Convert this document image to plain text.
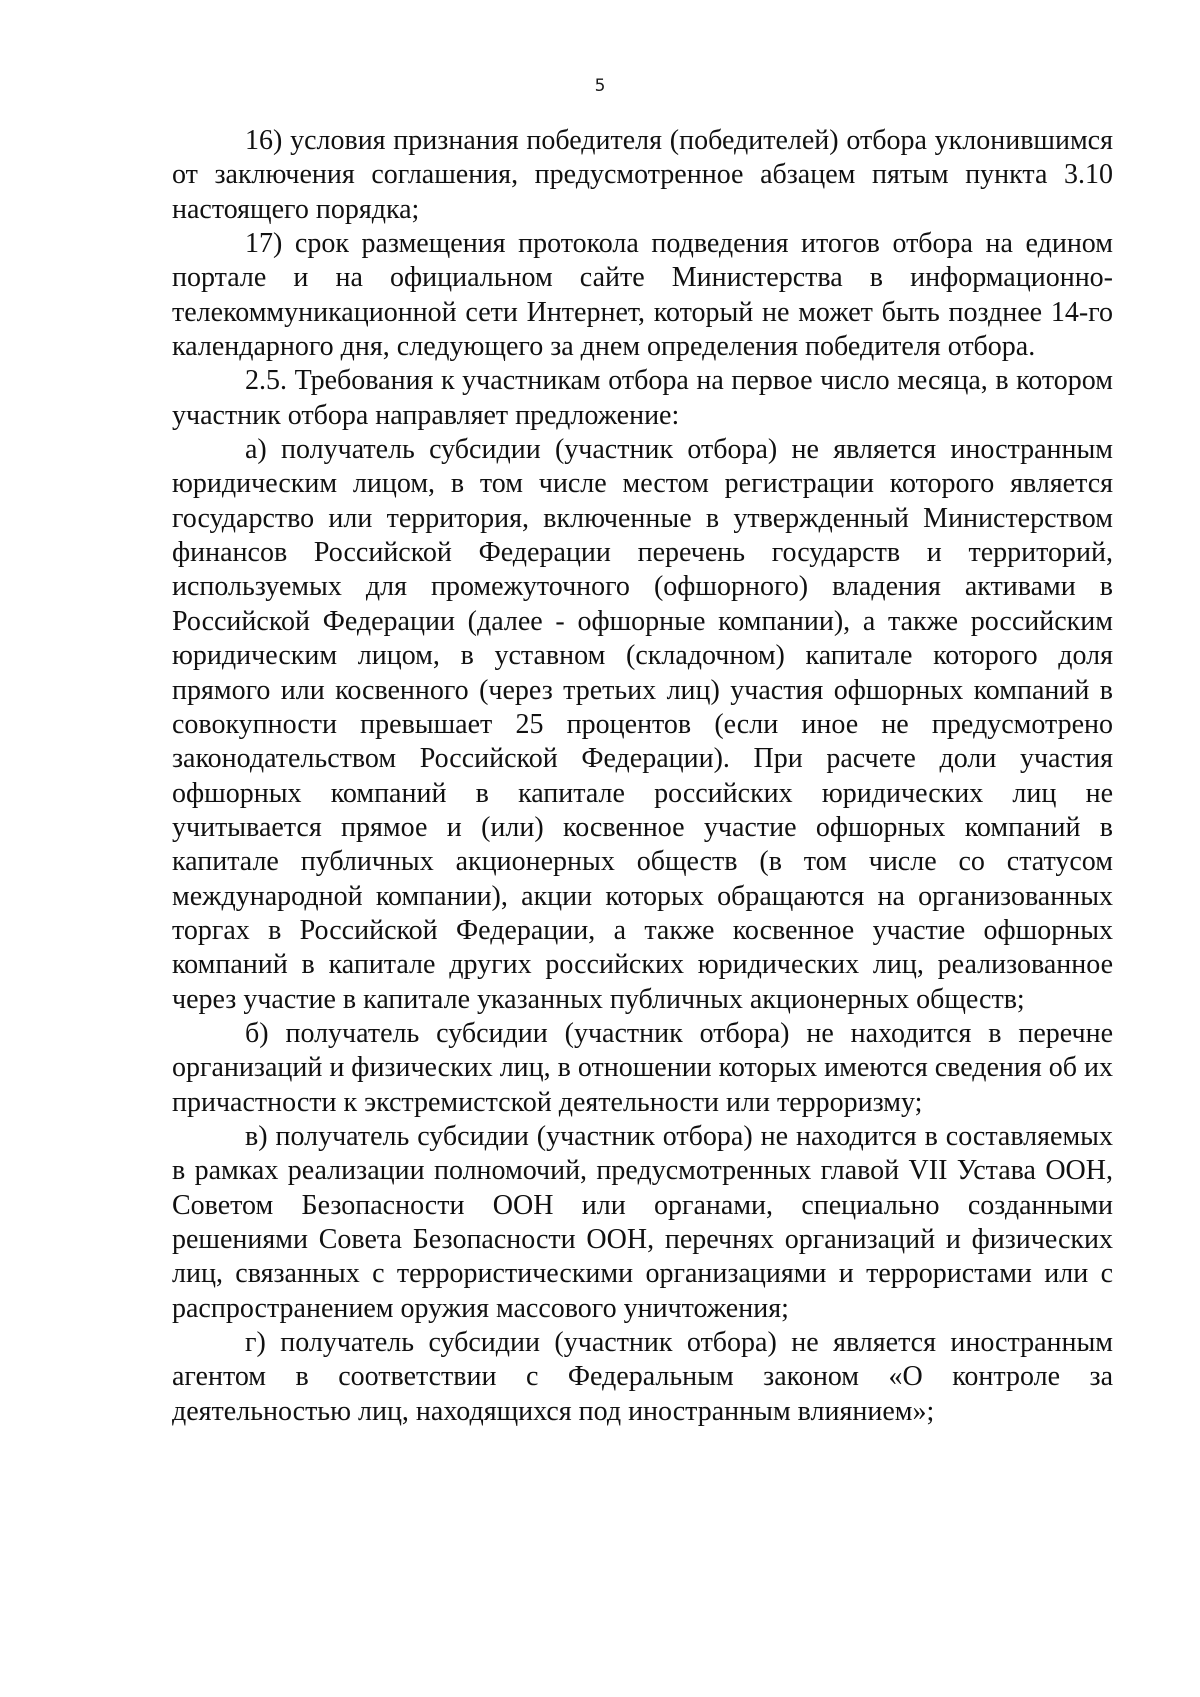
5

16) условия признания победителя (победителей) отбора уклонившимся от заключения соглашения, предусмотренное абзацем пятым пункта 3.10 настоящего порядка;

17) срок размещения протокола подведения итогов отбора на едином портале и на официальном сайте Министерства в информационно-телекоммуникационной сети Интернет, который не может быть позднее 14-го календарного дня, следующего за днем определения победителя отбора.

2.5. Требования к участникам отбора на первое число месяца, в котором участник отбора направляет предложение:

а) получатель субсидии (участник отбора) не является иностранным юридическим лицом, в том числе местом регистрации которого является государство или территория, включенные в утвержденный Министерством финансов Российской Федерации перечень государств и территорий, используемых для промежуточного (офшорного) владения активами в Российской Федерации (далее - офшорные компании), а также российским юридическим лицом, в уставном (складочном) капитале которого доля прямого или косвенного (через третьих лиц) участия офшорных компаний в совокупности превышает 25 процентов (если иное не предусмотрено законодательством Российской Федерации). При расчете доли участия офшорных компаний в капитале российских юридических лиц не учитывается прямое и (или) косвенное участие офшорных компаний в капитале публичных акционерных обществ (в том числе со статусом международной компании), акции которых обращаются на организованных торгах в Российской Федерации, а также косвенное участие офшорных компаний в капитале других российских юридических лиц, реализованное через участие в капитале указанных публичных акционерных обществ;

б) получатель субсидии (участник отбора) не находится в перечне организаций и физических лиц, в отношении которых имеются сведения об их причастности к экстремистской деятельности или терроризму;

в) получатель субсидии (участник отбора) не находится в составляемых в рамках реализации полномочий, предусмотренных главой VII Устава ООН, Советом Безопасности ООН или органами, специально созданными решениями Совета Безопасности ООН, перечнях организаций и физических лиц, связанных с террористическими организациями и террористами или с распространением оружия массового уничтожения;

г) получатель субсидии (участник отбора) не является иностранным агентом в соответствии с Федеральным законом «О контроле за деятельностью лиц, находящихся под иностранным влиянием»;
